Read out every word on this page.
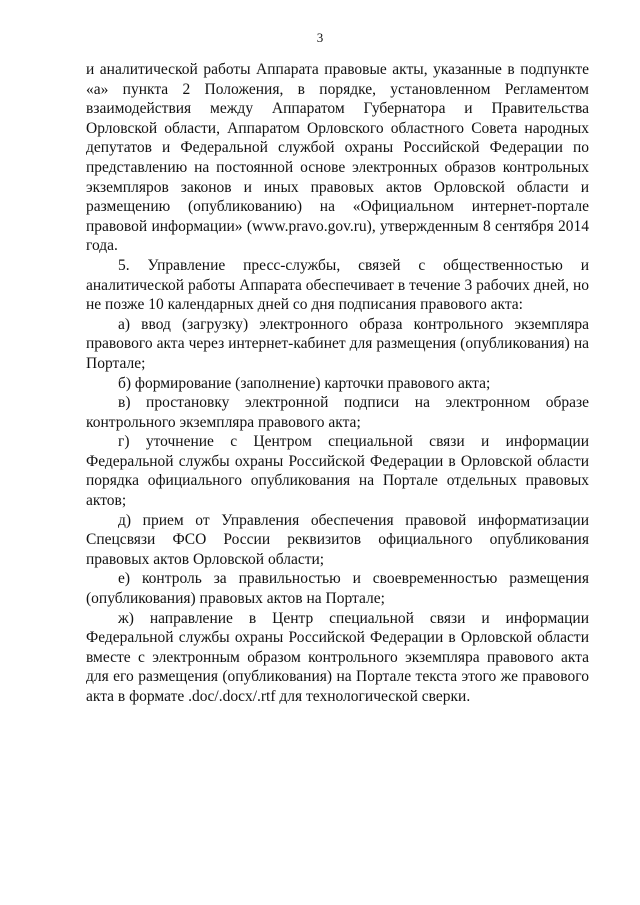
3

и аналитической работы Аппарата правовые акты, указанные в подпункте «а» пункта 2 Положения, в порядке, установленном Регламентом взаимодействия между Аппаратом Губернатора и Правительства Орловской области, Аппаратом Орловского областного Совета народных депутатов и Федеральной службой охраны Российской Федерации по представлению на постоянной основе электронных образов контрольных экземпляров законов и иных правовых актов Орловской области и размещению (опубликованию) на «Официальном интернет-портале правовой информации» (www.pravo.gov.ru), утвержденным 8 сентября 2014 года.

5. Управление пресс-службы, связей с общественностью и аналитической работы Аппарата обеспечивает в течение 3 рабочих дней, но не позже 10 календарных дней со дня подписания правового акта:

а) ввод (загрузку) электронного образа контрольного экземпляра правового акта через интернет-кабинет для размещения (опубликования) на Портале;

б) формирование (заполнение) карточки правового акта;

в) простановку электронной подписи на электронном образе контрольного экземпляра правового акта;

г) уточнение с Центром специальной связи и информации Федеральной службы охраны Российской Федерации в Орловской области порядка официального опубликования на Портале отдельных правовых актов;

д) прием от Управления обеспечения правовой информатизации Спецсвязи ФСО России реквизитов официального опубликования правовых актов Орловской области;

е) контроль за правильностью и своевременностью размещения (опубликования) правовых актов на Портале;

ж) направление в Центр специальной связи и информации Федеральной службы охраны Российской Федерации в Орловской области вместе с электронным образом контрольного экземпляра правового акта для его размещения (опубликования) на Портале текста этого же правового акта в формате .doc/.docx/.rtf для технологической сверки.
